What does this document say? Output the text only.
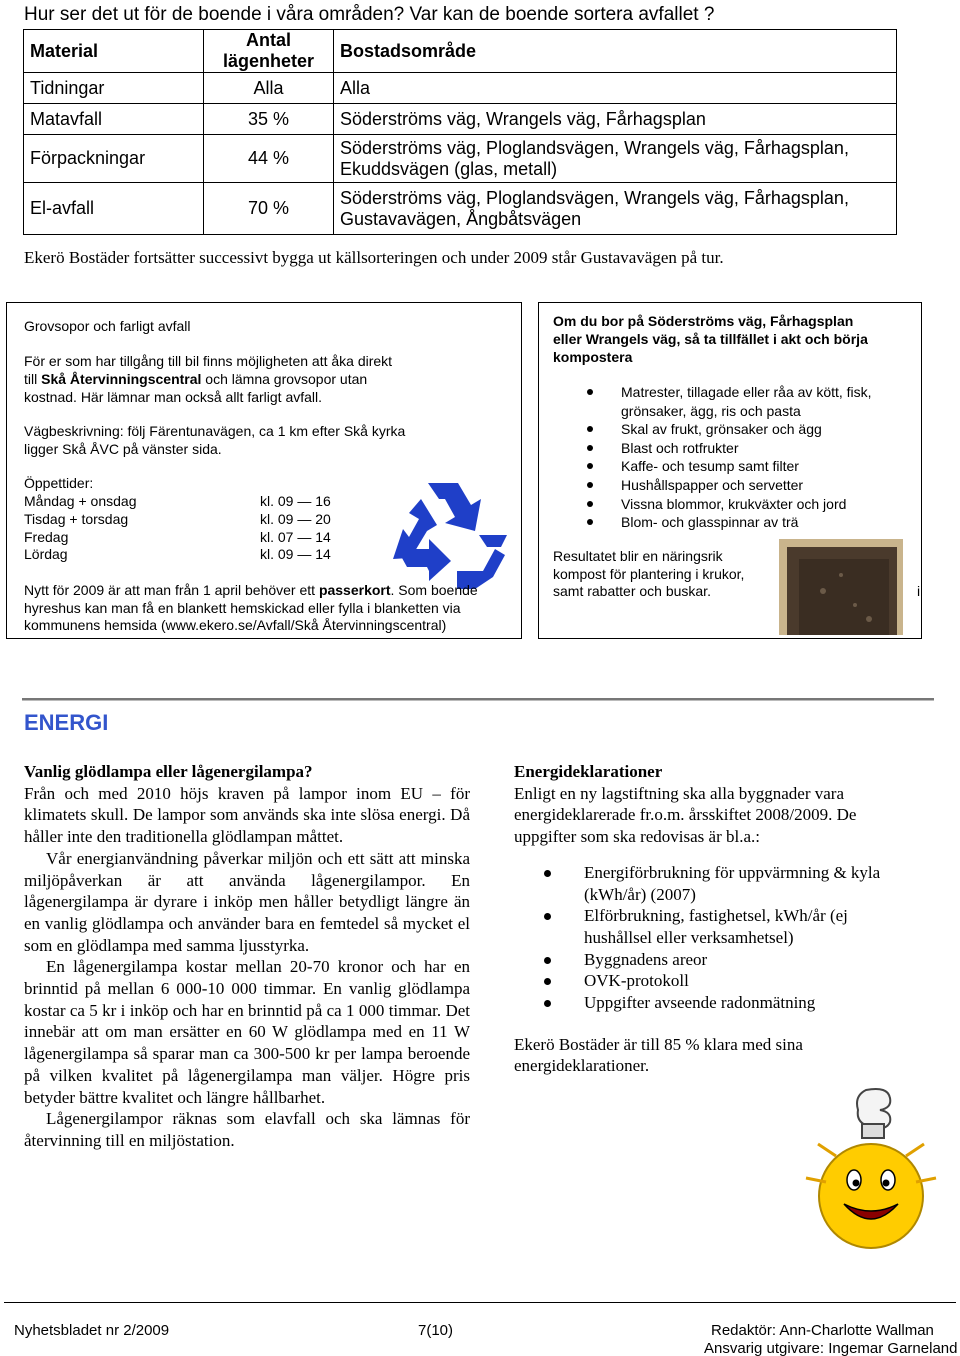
Hur ser det ut för de boende i våra områden? Var kan de boende sortera avfallet ?
Material	Antal lägenheter	Bostadsområde
Tidningar	Alla	Alla
Matavfall	35 %	Söderströms väg, Wrangels väg, Fårhagsplan
Förpackningar	44 %	Söderströms väg, Ploglandsvägen, Wrangels väg, Fårhagsplan,
Ekuddsvägen (glas, metall)

El-avfall	70 %	Söderströms väg, Ploglandsvägen, Wrangels väg, Fårhagsplan,
Gustavavägen, Ångbåtsvägen
Ekerö Bostäder fortsätter successivt bygga ut källsorteringen och under 2009 står Gustavavägen på tur.
Grovsopor och farligt avfall
För er som har tillgång till bil finns möjligheten att åka direkt
till Skå Återvinningscentral och lämna grovsopor utan
kostnad. Här lämnar man också allt farligt avfall.
Vägbeskrivning: följ Färentunavägen, ca 1 km efter Skå kyrka
ligger Skå ÅVC på vänster sida.
Öppettider:
Måndag + onsdag	kl. 09 — 16
Tisdag + torsdag	kl. 09 — 20
Fredag	kl. 07 — 14
Lördag	kl. 09 — 14
Nytt för 2009 är att man från 1 april behöver ett passerkort. Som boende
hyreshus kan man få en blankett hemskickad eller fylla i blanketten via
kommunens hemsida (www.ekero.se/Avfall/Skå Återvinningscentral)
Om du bor på Söderströms väg, Fårhagsplan
eller Wrangels väg, så ta tillfället i akt och börja
kompostera
Matrester, tillagade eller råa av kött, fisk,
grönsaker, ägg, ris och pasta
Skal av frukt, grönsaker och ägg
Blast och rotfrukter
Kaffe- och tesump samt filter
Hushållspapper och servetter
Vissna blommor, krukväxter och jord
Blom- och glasspinnar av trä
Resultatet blir en näringsrik
kompost för plantering i krukor,
samt rabatter och buskar.	i
ENERGI

Vanlig glödlampa eller lågenergilampa?

Från och med 2010 höjs kraven på lampor inom EU – för klimatets skull. De lampor som används ska inte slösa energi. Då håller inte den traditionella glödlampan måttet.

Vår energianvändning påverkar miljön och ett sätt att minska miljöpåverkan är att använda lågenergilampor. En lågenergilampa är dyrare i inköp men håller betydligt längre än en vanlig glödlampa och använder bara en femtedel så mycket el som en glödlampa med samma ljusstyrka.

En lågenergilampa kostar mellan 20-70 kronor och har en brinntid på mellan 6 000-10 000 timmar. En vanlig glödlampa kostar ca 5 kr i inköp och har en brinntid på ca 1 000 timmar. Det innebär att om man ersätter en 60 W glödlampa med en 11 W lågenergilampa så sparar man ca 300-500 kr per lampa beroende på vilken kvalitet på lågenergilampa man väljer. Högre pris betyder bättre kvalitet och längre hållbarhet.

Lågenergilampor räknas som elavfall och ska lämnas för återvinning till en miljöstation.

Energideklarationer

Enligt en ny lagstiftning ska alla byggnader vara energideklarerade fr.o.m. årsskiftet 2008/2009. De uppgifter som ska redovisas är bl.a.:

Energiförbrukning för uppvärmning & kyla (kWh/år) (2007)
Elförbrukning, fastighetsel, kWh/år (ej hushållsel eller verksamhetsel)
Byggnadens areor
OVK-protokoll
Uppgifter avseende radonmätning

Ekerö Bostäder är till 85 % klara med sina energideklarationer.

Nyhetsbladet nr 2/2009	7(10)	Redaktör: Ann-Charlotte Wallman
Ansvarig utgivare: Ingemar Garneland
